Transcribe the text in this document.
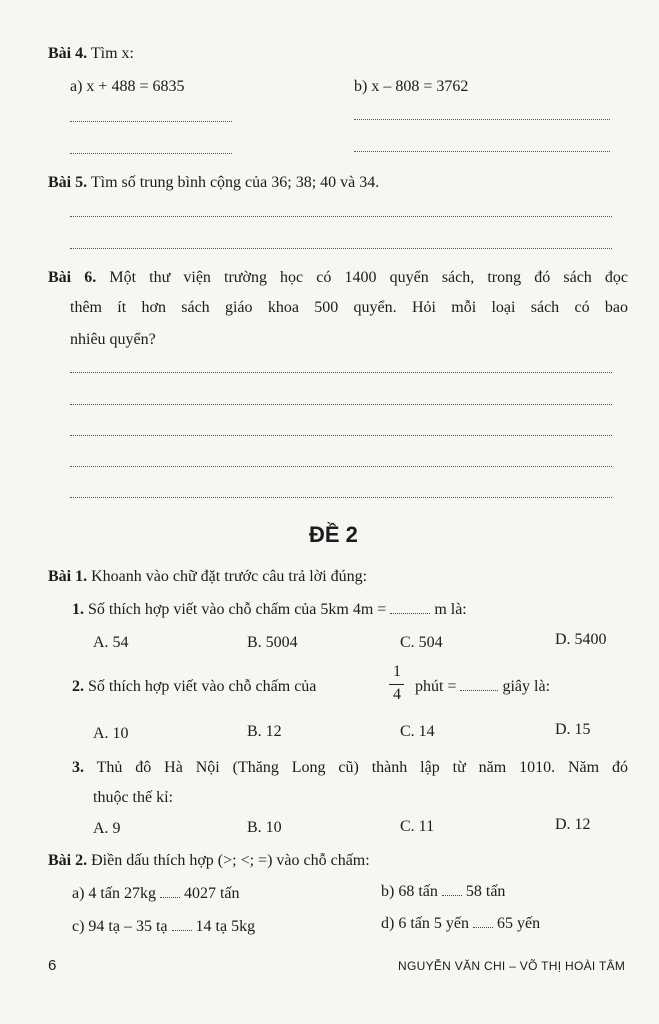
Bài 4. Tìm x:
a) x + 488 = 6835	b) x – 808 = 3762
Bài 5. Tìm số trung bình cộng của 36; 38; 40 và 34.
Bài 6. Một thư viện trường học có 1400 quyển sách, trong đó sách đọc
thêm ít hơn sách giáo khoa 500 quyển. Hỏi mỗi loại sách có bao
nhiêu quyển?
ĐỀ 2
Bài 1. Khoanh vào chữ đặt trước câu trả lời đúng:
1. Số thích hợp viết vào chỗ chấm của 5km 4m =	m là:
A. 54	B. 5004	C. 504	D. 5400
2. Số thích hợp viết vào chỗ chấm của
1
4 phút =	giây là:
A. 10	B. 12	C. 14	D. 15
3. Thủ đô Hà Nội (Thăng Long cũ) thành lập từ năm 1010. Năm đó
thuộc thế kỉ:
A. 9	B. 10	C. 11	D. 12
Bài 2. Điền dấu thích hợp (>; <; =) vào chỗ chấm:
a) 4 tấn 27kg 4027 tấn	b) 68 tấn 58 tấn
c) 94 tạ – 35 tạ 14 tạ 5kg	d) 6 tấn 5 yến 65 yến
6	NGUYỄN VĂN CHI – VÕ THỊ HOÀI TÂM
